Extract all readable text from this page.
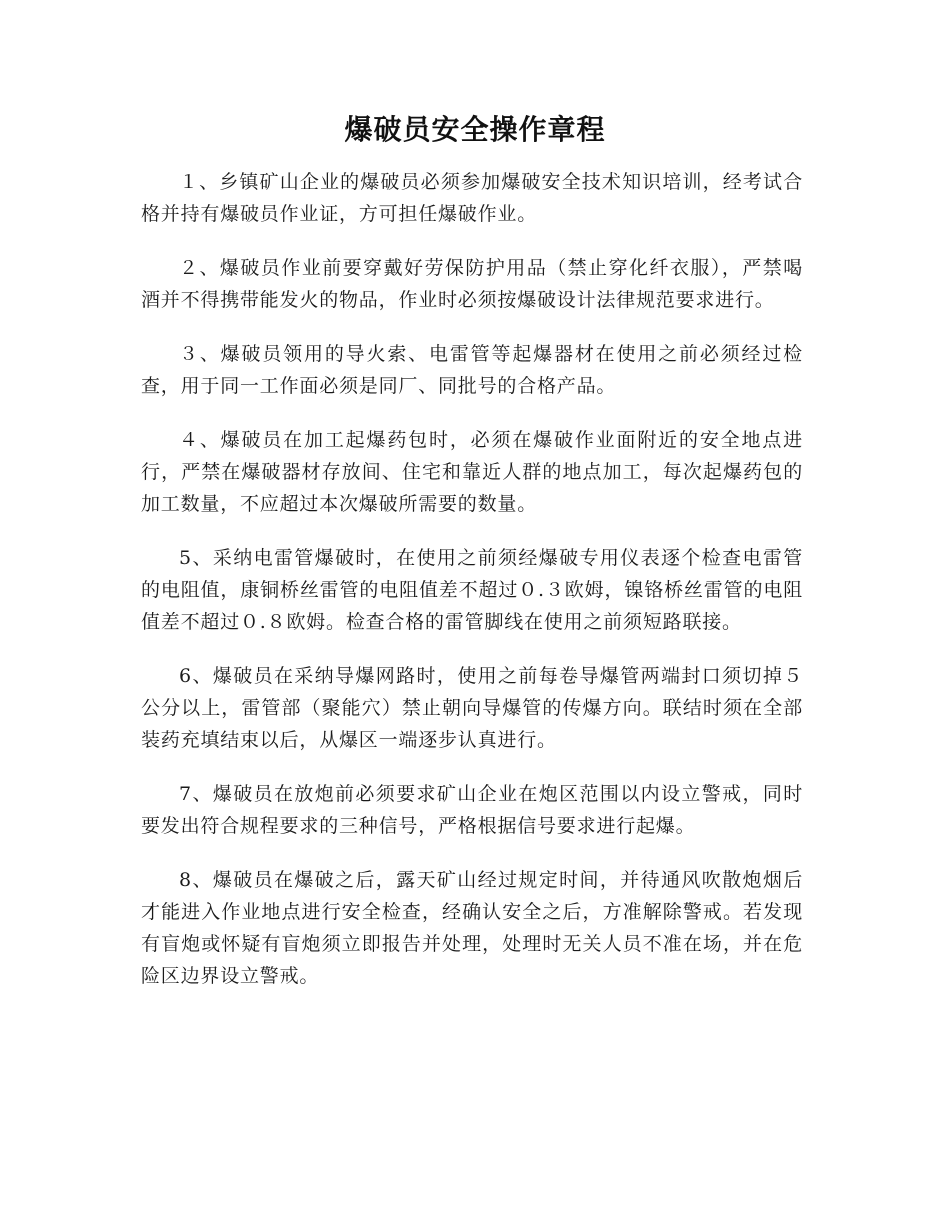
爆破员安全操作章程

１、乡镇矿山企业的爆破员必须参加爆破安全技术知识培训，经考试合格并持有爆破员作业证，方可担任爆破作业。

２、爆破员作业前要穿戴好劳保防护用品（禁止穿化纤衣服），严禁喝酒并不得携带能发火的物品，作业时必须按爆破设计法律规范要求进行。

３、爆破员领用的导火索、电雷管等起爆器材在使用之前必须经过检查，用于同一工作面必须是同厂、同批号的合格产品。

４、爆破员在加工起爆药包时，必须在爆破作业面附近的安全地点进行，严禁在爆破器材存放间、住宅和靠近人群的地点加工，每次起爆药包的加工数量，不应超过本次爆破所需要的数量。

5、采纳电雷管爆破时，在使用之前须经爆破专用仪表逐个检查电雷管的电阻值，康铜桥丝雷管的电阻值差不超过０.３欧姆，镍铬桥丝雷管的电阻值差不超过０.８欧姆。检查合格的雷管脚线在使用之前须短路联接。

6、爆破员在采纳导爆网路时，使用之前每卷导爆管两端封口须切掉５公分以上，雷管部（聚能穴）禁止朝向导爆管的传爆方向。联结时须在全部装药充填结束以后，从爆区一端逐步认真进行。

7、爆破员在放炮前必须要求矿山企业在炮区范围以内设立警戒，同时要发出符合规程要求的三种信号，严格根据信号要求进行起爆。

8、爆破员在爆破之后，露天矿山经过规定时间，并待通风吹散炮烟后才能进入作业地点进行安全检查，经确认安全之后，方准解除警戒。若发现有盲炮或怀疑有盲炮须立即报告并处理，处理时无关人员不准在场，并在危险区边界设立警戒。
